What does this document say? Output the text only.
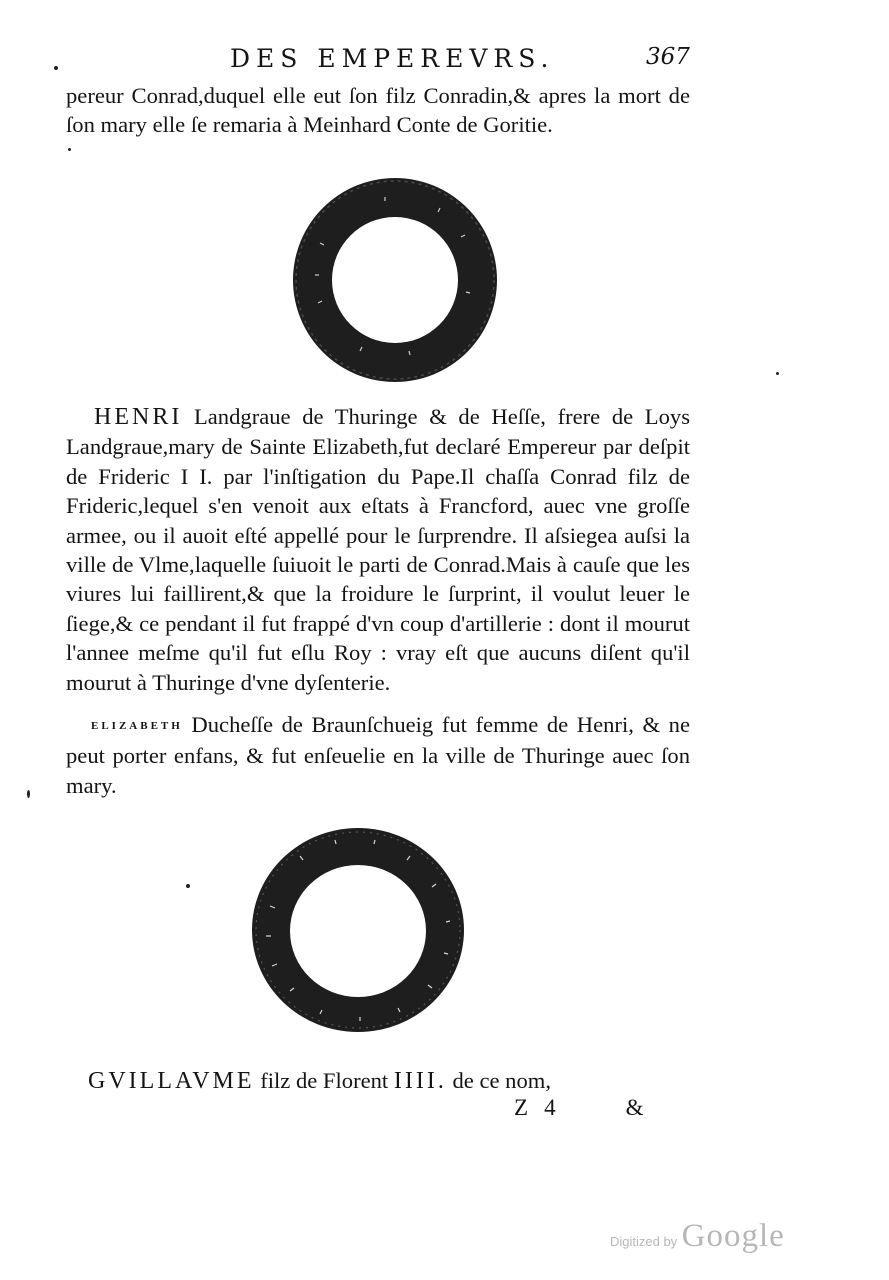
DES EMPEREVRS.	367
pereur Conrad,duquel elle eut ſon filz Conradin,& apres la mort de ſon mary elle ſe remaria à Meinhard Conte de Goritie.
HENRI Landgraue de Thuringe & de Heſſe, frere de Loys Landgraue,mary de Sainte Elizabeth,fut declaré Empereur par deſpit de Frideric I I. par l'inſtigation du Pape.Il chaſſa Conrad filz de Frideric,lequel s'en venoit aux eſtats à Francford, auec vne groſſe armee, ou il auoit eſté appellé pour le ſurprendre. Il aſsiegea auſsi la ville de Vlme,laquelle ſuiuoit le parti de Conrad.Mais à cauſe que les viures lui faillirent,& que la froidure le ſurprint, il voulut leuer le ſiege,& ce pendant il fut frappé d'vn coup d'artillerie : dont il mourut l'annee meſme qu'il fut eſlu Roy : vray eſt que aucuns diſent qu'il mourut à Thuringe d'vne dyſenterie.
ELIZABETH Ducheſſe de Braunſchueig fut femme de Henri, & ne peut porter enfans, & fut enſeuelie en la ville de Thuringe auec ſon mary.
GVILLAVME filz de Florent IIII. de ce nom,
Z 4	&
Digitized by Google
